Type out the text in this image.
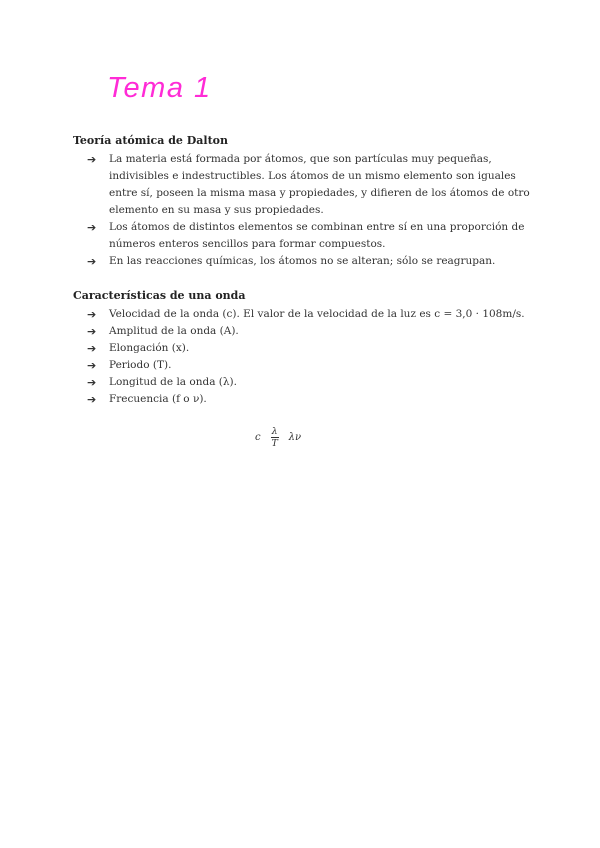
Tema 1
Teoría atómica de Dalton
➔ La materia está formada por átomos, que son partículas muy pequeñas, indivisibles e indestructibles. Los átomos de un mismo elemento son iguales entre sí, poseen la misma masa y propiedades, y difieren de los átomos de otro elemento en su masa y sus propiedades.
➔ Los átomos de distintos elementos se combinan entre sí en una proporción de números enteros sencillos para formar compuestos.
➔ En las reacciones químicas, los átomos no se alteran; sólo se reagrupan.
Características de una onda
➔ Velocidad de la onda (c). El valor de la velocidad de la luz es c = 3,0 · 108m/s.
➔ Amplitud de la onda (A).
➔ Elongación (x).
➔ Periodo (T).
➔ Longitud de la onda (λ).
➔ Frecuencia (f o ν).
c $\frac{\lambda}{T}$ λν
